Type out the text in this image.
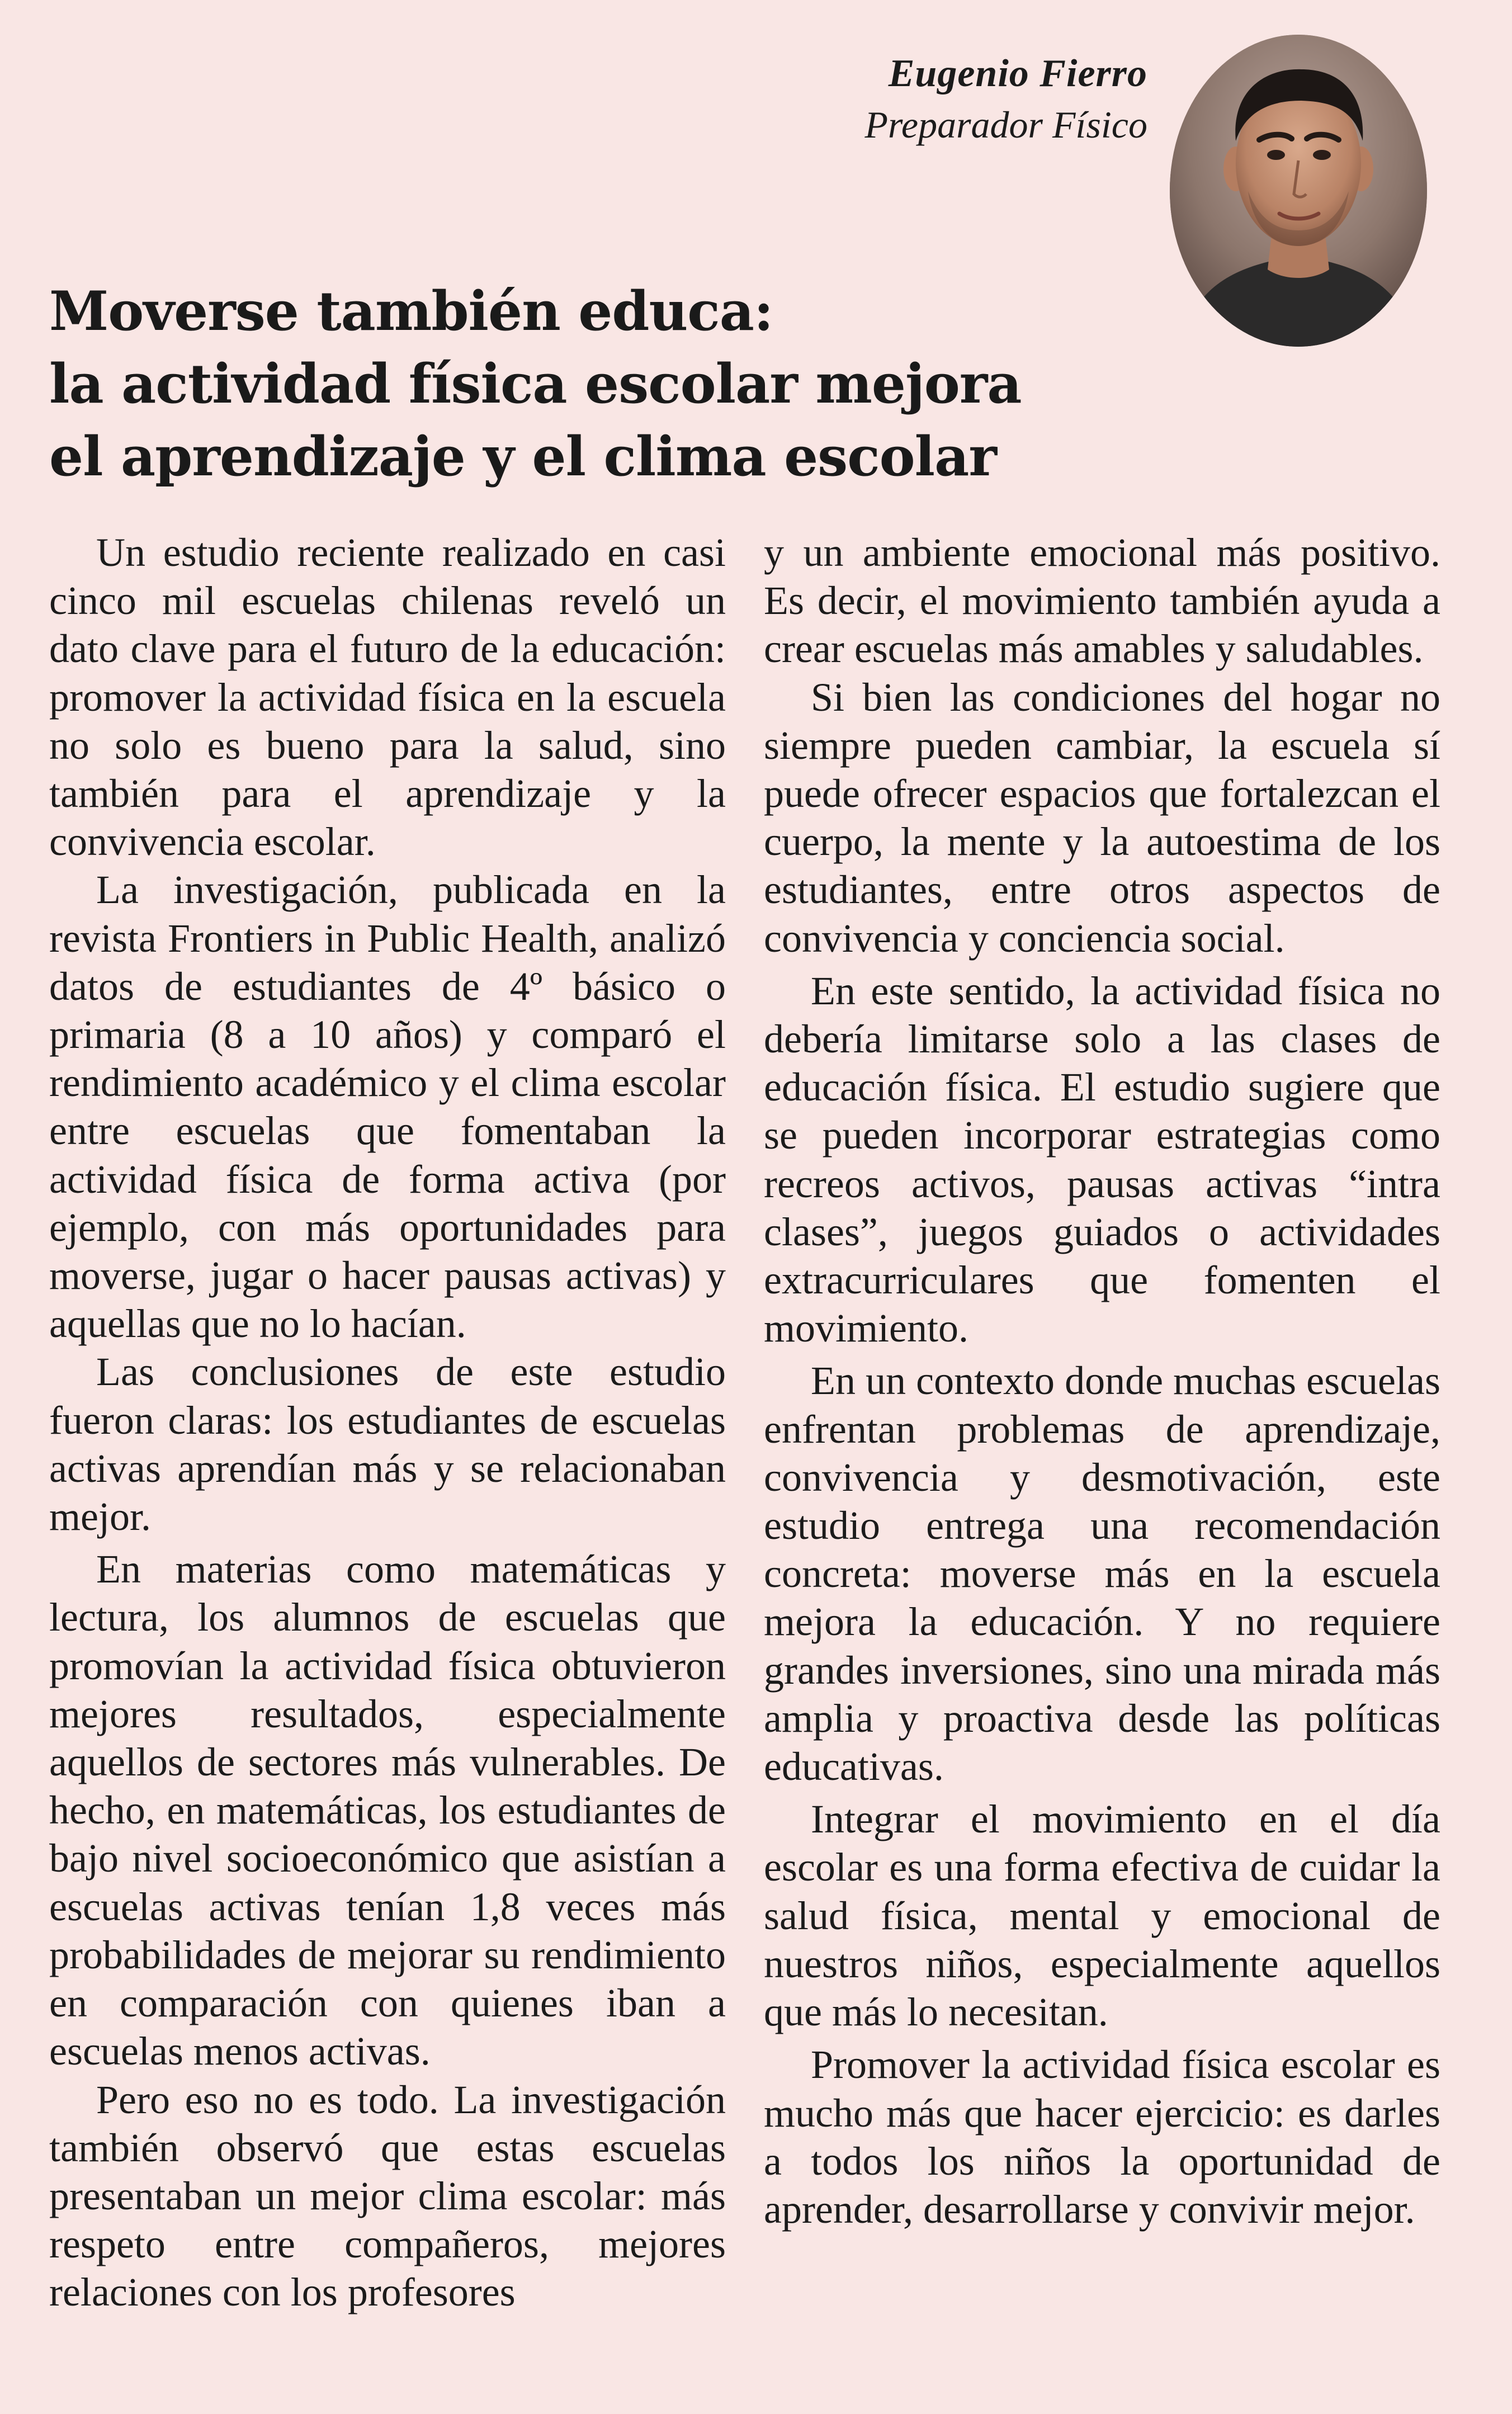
Eugenio Fierro
Preparador Físico
Moverse también educa:
la actividad física escolar mejora
el aprendizaje y el clima escolar

Un estudio reciente realizado en casi cinco mil escuelas chilenas reveló un dato clave para el futuro de la educación: promover la actividad física en la escuela no solo es bueno para la salud, sino también para el aprendizaje y la convivencia escolar.

La investigación, publicada en la revista Frontiers in Public Health, analizó datos de estudiantes de 4º básico o primaria (8 a 10 años) y comparó el rendimiento académico y el clima escolar entre escuelas que fomentaban la actividad física de forma activa (por ejemplo, con más oportunidades para moverse, jugar o hacer pausas activas) y aquellas que no lo hacían.

Las conclusiones de este estudio fueron claras: los estudiantes de escuelas activas aprendían más y se relacionaban mejor.

En materias como matemáticas y lectura, los alumnos de escuelas que promovían la actividad física obtuvieron mejores resultados, especialmente aquellos de sectores más vulnerables. De hecho, en matemáticas, los estudiantes de bajo nivel socioeconómico que asistían a escuelas activas tenían 1,8 veces más probabilidades de mejorar su rendimiento en comparación con quienes iban a escuelas menos activas.

Pero eso no es todo. La investigación también observó que estas escuelas presentaban un mejor clima escolar: más respeto entre compañeros, mejores relaciones con los profesores

y un ambiente emocional más positivo. Es decir, el movimiento también ayuda a crear escuelas más amables y saludables.

Si bien las condiciones del hogar no siempre pueden cambiar, la escuela sí puede ofrecer espacios que fortalezcan el cuerpo, la mente y la autoestima de los estudiantes, entre otros aspectos de convivencia y conciencia social.

En este sentido, la actividad física no debería limitarse solo a las clases de educación física. El estudio sugiere que se pueden incorporar estrategias como recreos activos, pausas activas “intra clases”, juegos guiados o actividades extracurriculares que fomenten el movimiento.

En un contexto donde muchas escuelas enfrentan problemas de aprendizaje, convivencia y desmotivación, este estudio entrega una recomendación concreta: moverse más en la escuela mejora la educación. Y no requiere grandes inversiones, sino una mirada más amplia y proactiva desde las políticas educativas.

Integrar el movimiento en el día escolar es una forma efectiva de cuidar la salud física, mental y emocional de nuestros niños, especialmente aquellos que más lo necesitan.

Promover la actividad física escolar es mucho más que hacer ejercicio: es darles a todos los niños la oportunidad de aprender, desarrollarse y convivir mejor.
